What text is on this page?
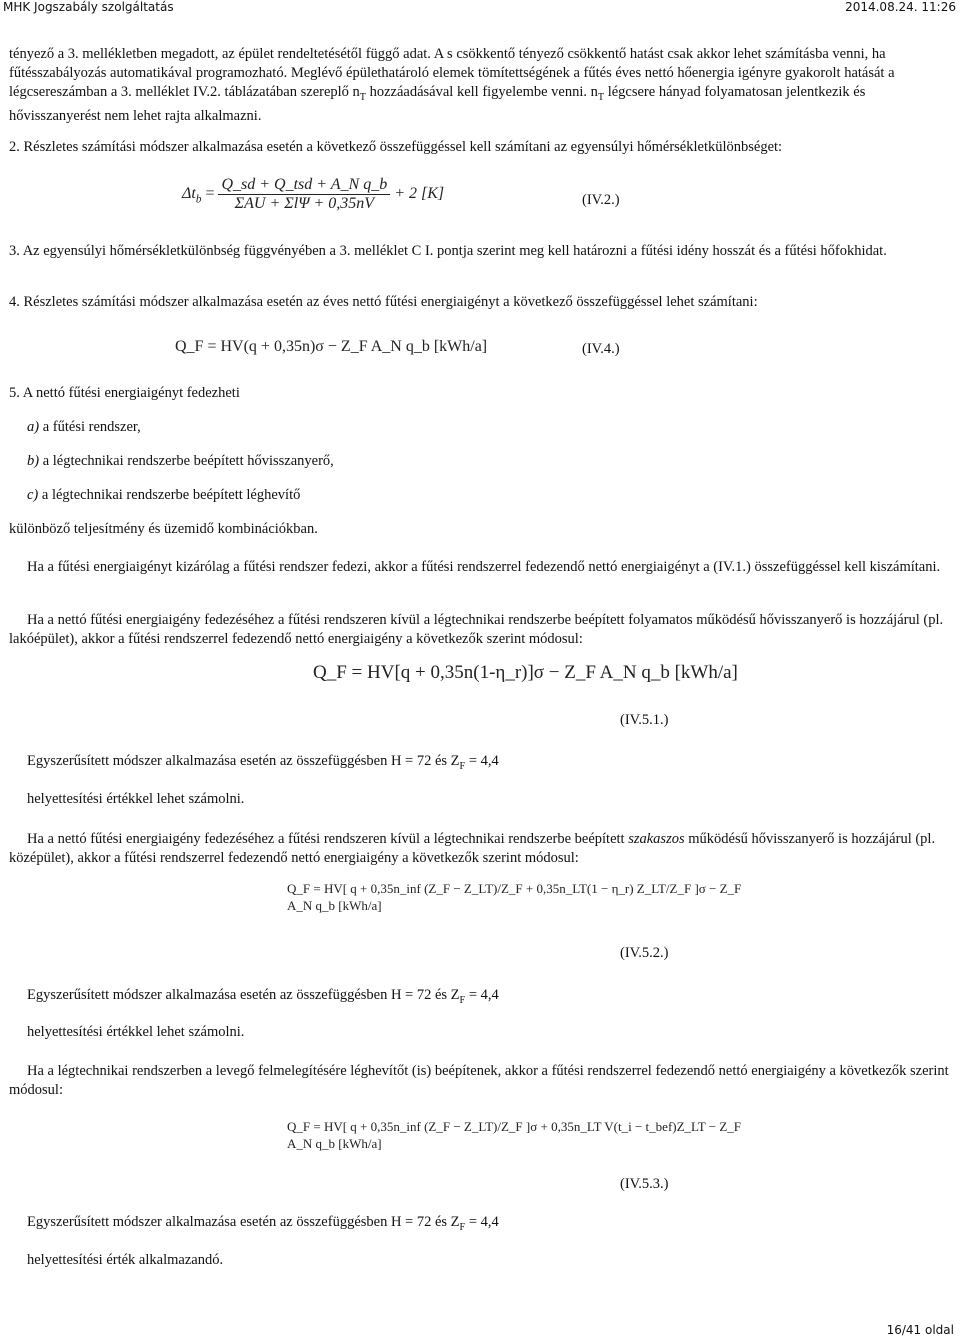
MHK Jogszabály szolgáltatás	2014.08.24. 11:26
tényező a 3. mellékletben megadott, az épület rendeltetésétől függő adat. A s csökkentő tényező csökkentő hatást csak akkor lehet számításba venni, ha fűtésszabályozás automatikával programozható. Meglévő épülethatároló elemek tömítettségének a fűtés éves nettó hőenergia igényre gyakorolt hatását a légcsereszámban a 3. melléklet IV.2. táblázatában szereplő $n_T$ hozzáadásával kell figyelembe venni. $n_T$ légcsere hányad folyamatosan jelentkezik és hővisszanyerést nem lehet rajta alkalmazni.
2. Részletes számítási módszer alkalmazása esetén a következő összefüggéssel kell számítani az egyensúlyi hőmérsékletkülönbséget:
$\Delta t_b = \frac{\text{Q\_sd + Q\_tsd + A\_N q\_b}}{\text{ΣAU + ΣlΨ + 0,35nV}} + 2$ [K]	(IV.2.)
3. Az egyensúlyi hőmérsékletkülönbség függvényében a 3. melléklet C I. pontja szerint meg kell határozni a fűtési idény hosszát és a fűtési hőfokhidat.
4. Részletes számítási módszer alkalmazása esetén az éves nettó fűtési energiaigényt a következő összefüggéssel lehet számítani:
Q_F = HV(q + 0,35n)σ − Z_F A_N q_b [kWh/a]	(IV.4.)
5. A nettó fűtési energiaigényt fedezheti
a) a fűtési rendszer,
b) a légtechnikai rendszerbe beépített hővisszanyerő,
c) a légtechnikai rendszerbe beépített léghevítő
különböző teljesítmény és üzemidő kombinációkban.
Ha a fűtési energiaigényt kizárólag a fűtési rendszer fedezi, akkor a fűtési rendszerrel fedezendő nettó energiaigényt a (IV.1.) összefüggéssel kell kiszámítani.
Ha a nettó fűtési energiaigény fedezéséhez a fűtési rendszeren kívül a légtechnikai rendszerbe beépített folyamatos működésű hővisszanyerő is hozzájárul (pl. lakóépület), akkor a fűtési rendszerrel fedezendő nettó energiaigény a következők szerint módosul:
Q_F = HV[q + 0,35n(1-η_r)]σ − Z_F A_N q_b [kWh/a]
(IV.5.1.)
Egyszerűsített módszer alkalmazása esetén az összefüggésben H = 72 és $Z_F = 4,4$
helyettesítési értékkel lehet számolni.
Ha a nettó fűtési energiaigény fedezéséhez a fűtési rendszeren kívül a légtechnikai rendszerbe beépített szakaszos működésű hővisszanyerő is hozzájárul (pl. középület), akkor a fűtési rendszerrel fedezendő nettó energiaigény a következők szerint módosul:
Q_F = HV[ q + 0,35n_inf (Z_F − Z_LT)/Z_F + 0,35n_LT(1 − η_r) Z_LT/Z_F ]σ − Z_F A_N q_b [kWh/a]
(IV.5.2.)
Egyszerűsített módszer alkalmazása esetén az összefüggésben H = 72 és $Z_F = 4,4$
helyettesítési értékkel lehet számolni.
Ha a légtechnikai rendszerben a levegő felmelegítésére léghevítőt (is) beépítenek, akkor a fűtési rendszerrel fedezendő nettó energiaigény a következők szerint módosul:
Q_F = HV[ q + 0,35n_inf (Z_F − Z_LT)/Z_F ]σ + 0,35n_LT V(t_i − t_bef)Z_LT − Z_F A_N q_b [kWh/a]
(IV.5.3.)
Egyszerűsített módszer alkalmazása esetén az összefüggésben H = 72 és $Z_F = 4,4$
helyettesítési érték alkalmazandó.
16/41 oldal
